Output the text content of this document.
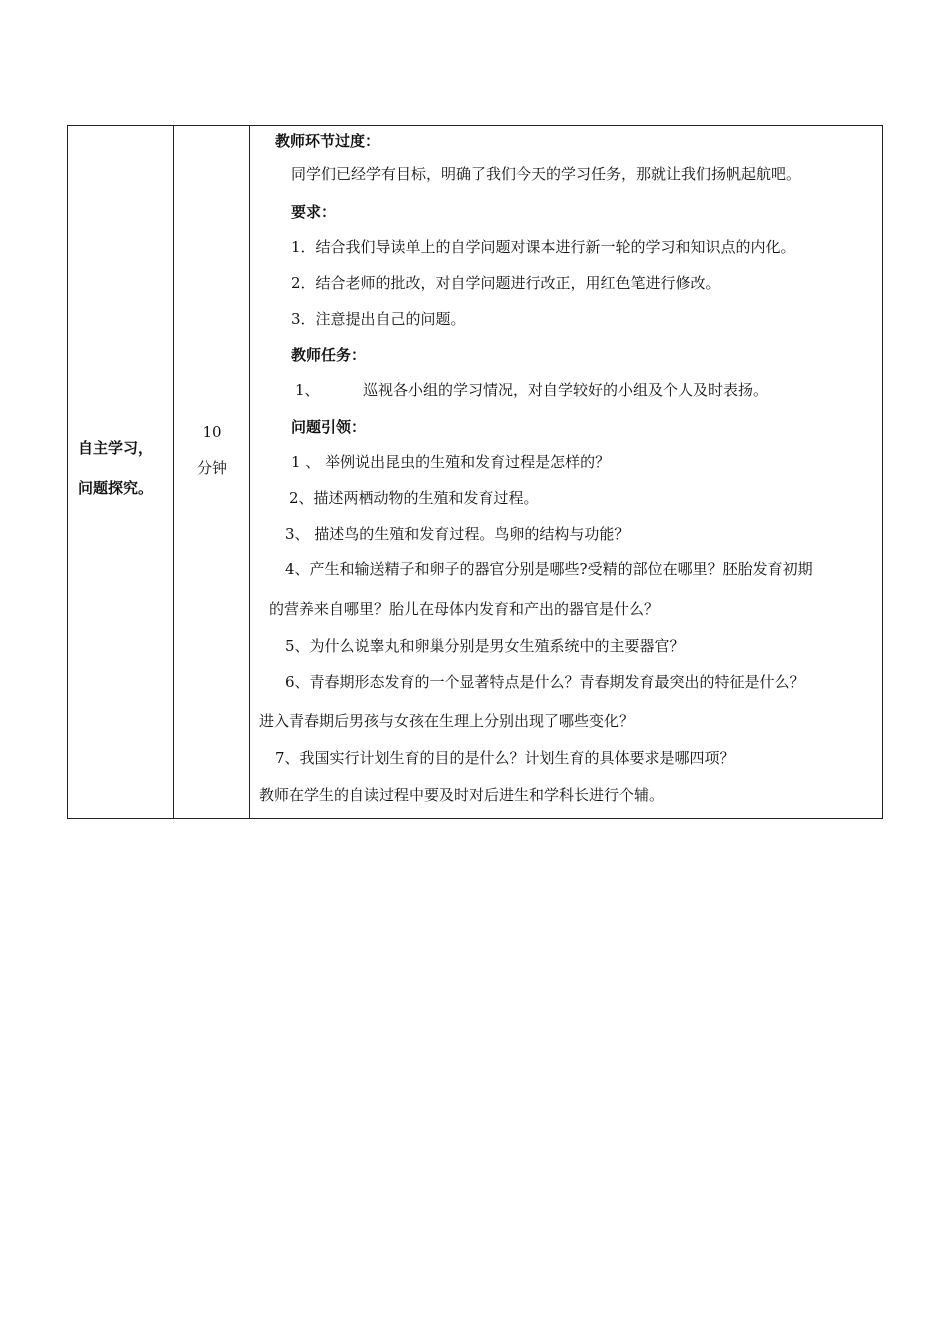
自主学习，
问题探究。
10
分钟
教师环节过度：
同学们已经学有目标，明确了我们今天的学习任务，那就让我们扬帆起航吧。
要求：
1．结合我们导读单上的自学问题对课本进行新一轮的学习和知识点的内化。
2．结合老师的批改，对自学问题进行改正，用红色笔进行修改。
3．注意提出自己的问题。
教师任务：
1、	巡视各小组的学习情况，对自学较好的小组及个人及时表扬。
问题引领：
1 、 举例说出昆虫的生殖和发育过程是怎样的？
2、描述两栖动物的生殖和发育过程。
3、 描述鸟的生殖和发育过程。鸟卵的结构与功能？
4、产生和输送精子和卵子的器官分别是哪些?受精的部位在哪里？胚胎发育初期
的营养来自哪里？胎儿在母体内发育和产出的器官是什么？
5、为什么说睾丸和卵巢分别是男女生殖系统中的主要器官？
6、青春期形态发育的一个显著特点是什么？青春期发育最突出的特征是什么？
进入青春期后男孩与女孩在生理上分别出现了哪些变化？
7、我国实行计划生育的目的是什么？计划生育的具体要求是哪四项？
教师在学生的自读过程中要及时对后进生和学科长进行个辅。
